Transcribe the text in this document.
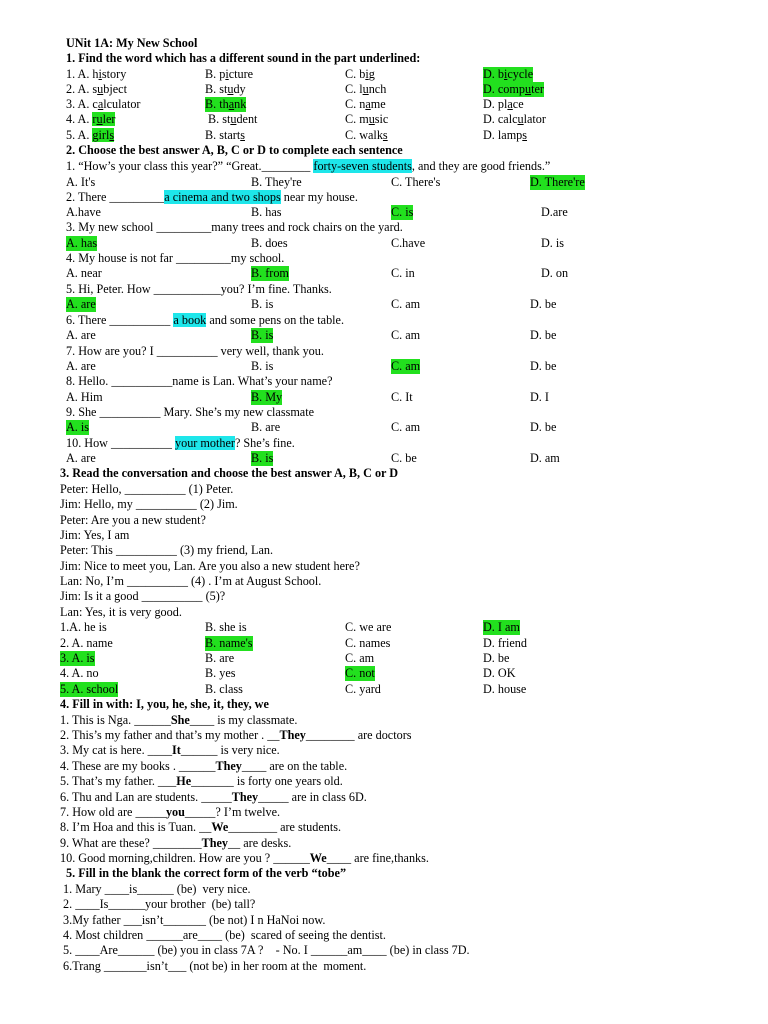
UNit 1A: My New School
1. Find the word which has a different sound in the part underlined:
1. A. history	B. picture	C. big	D. bicycle
2. A. subject	B. study	C. lunch	D. computer
3. A. calculator	B. thank	C. name	D. place
4. A. ruler	B. student	C. music	D. calculator
5. A. girls	B. starts	C. walks	D. lamps
2. Choose the best answer A, B, C or D to complete each sentence
1. “How’s your class this year?” “Great.________ forty-seven students, and they are good friends.”
A. It's	B. They're	C. There's	D. There're
2. There _________a cinema and two shops near my house.
A.have	B. has	C. is	D.are
3. My new school _________many trees and rock chairs on the yard.
A. has	B. does	C.have	D. is
4. My house is not far _________my school.
A. near	B. from	C. in	D. on
5. Hi, Peter. How ___________you? I’m fine. Thanks.
A. are	B. is	C. am	D. be
6. There __________ a book and some pens on the table.
A. are	B. is	C. am	D. be
7. How are you? I __________ very well, thank you.
A. are	B. is	C. am	D. be
8. Hello. __________name is Lan. What’s your name?
A. Him	B. My	C. It	D. I
9. She __________ Mary. She’s my new classmate
A. is	B. are	C. am	D. be
10. How __________ your mother? She’s fine.
A. are	B. is	C. be	D. am
3. Read the conversation and choose the best answer A, B, C or D
Peter: Hello, __________ (1) Peter.
Jim: Hello, my __________ (2) Jim.
Peter: Are you a new student?
Jim: Yes, I am
Peter: This __________ (3) my friend, Lan.
Jim: Nice to meet you, Lan. Are you also a new student here?
Lan: No, I’m __________ (4) . I’m at August School.
Jim: Is it a good __________ (5)?
Lan: Yes, it is very good.
1.A. he is	B. she is	C. we are	D. I am
2. A. name	B. name's	C. names	D. friend
3. A. is	B. are	C. am	D. be
4. A. no	B. yes	C. not	D. OK
5. A. school	B. class	C. yard	D. house
4. Fill in with: I, you, he, she, it, they, we
1. This is Nga. ______She____ is my classmate.
2. This’s my father and that’s my mother . __They________ are doctors
3. My cat is here. ____It______ is very nice.
4. These are my books . ______They____ are on the table.
5. That’s my father. ___He_______ is forty one years old.
6. Thu and Lan are students. _____They_____ are in class 6D.
7. How old are _____you_____? I’m twelve.
8. I’m Hoa and this is Tuan. __We________ are students.
9. What are these? ________They__ are desks.
10. Good morning,children. How are you ? ______We____ are fine,thanks.
5. Fill in the blank the correct form of the verb “tobe”
1. Mary ____is______ (be)  very nice.
2. ____Is______your brother  (be) tall?
3.My father ___isn’t_______ (be not) I n HaNoi now.
4. Most children ______are____ (be)  scared of seeing the dentist.
5. ____Are______ (be) you in class 7A ?    - No. I ______am____ (be) in class 7D.
6.Trang _______isn’t___ (not be) in her room at the  moment.
